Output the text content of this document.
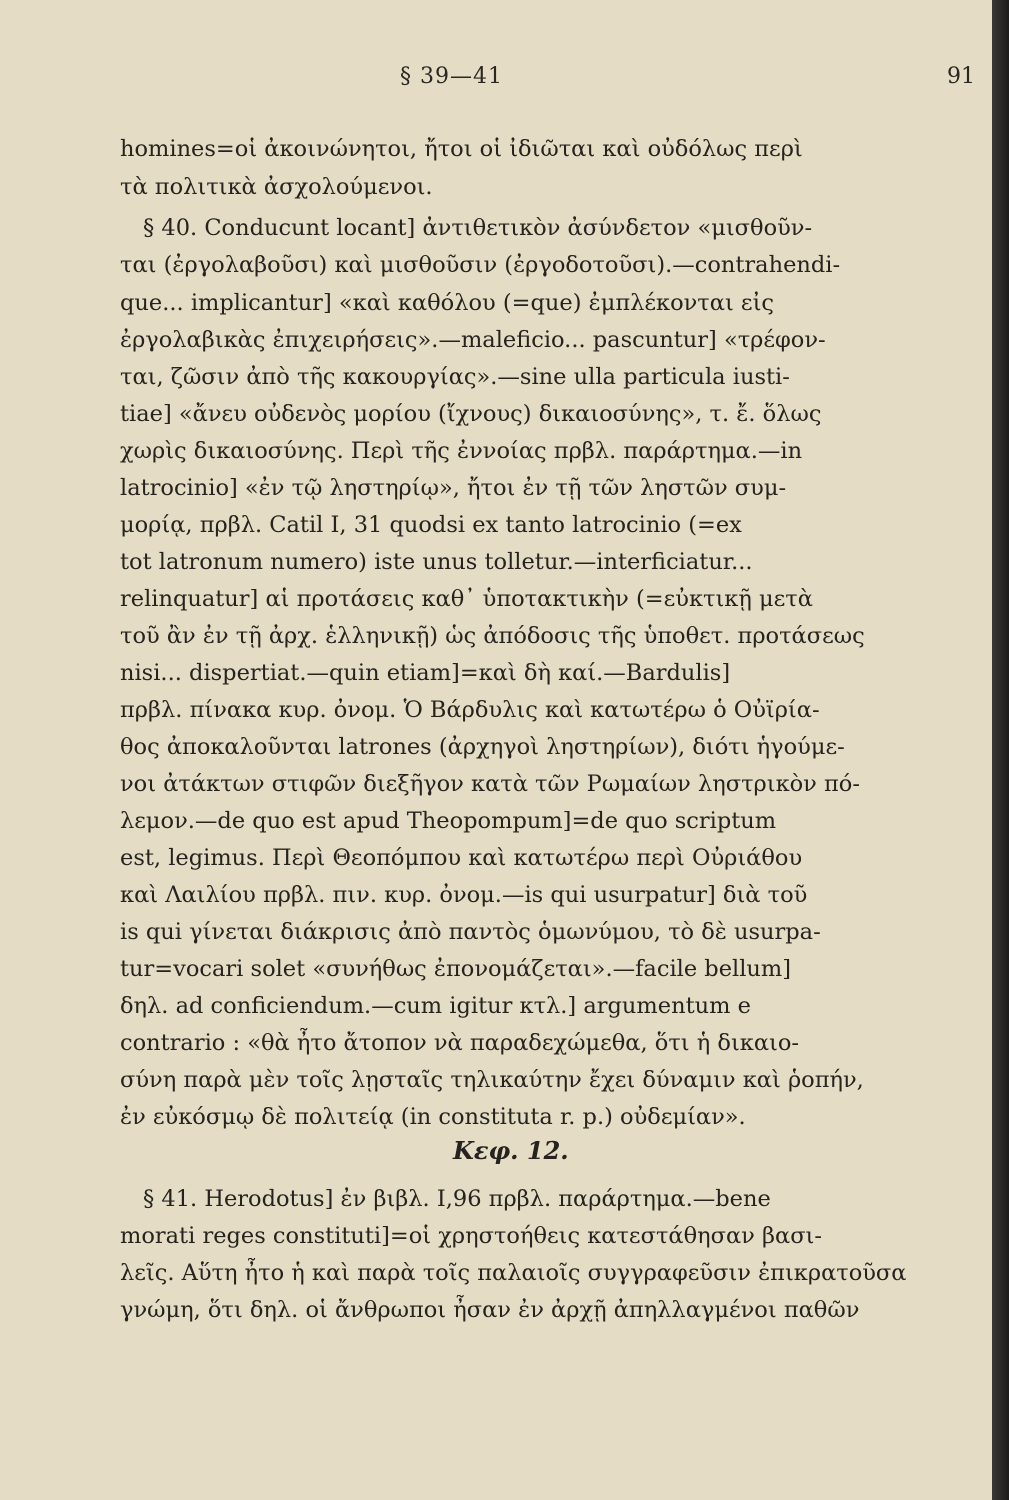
§ 39—41	91
homines=οἱ ἀκοινώνητοι, ἤτοι οἱ ἰδιῶται καὶ οὐδόλως περὶ
τὰ πολιτικὰ ἀσχολούμενοι.
§ 40. Conducunt locant] ἀντιθετικὸν ἀσύνδετον «μισθοῦν-
ται (ἐργολαβοῦσι) καὶ μισθοῦσιν (ἐργοδοτοῦσι).—contrahendi-
que... implicantur] «καὶ καθόλου (=que) ἐμπλέκονται εἰς
ἐργολαβικὰς ἐπιχειρήσεις».—maleficio... pascuntur] «τρέφον-
ται, ζῶσιν ἀπὸ τῆς κακουργίας».—sine ulla particula iusti-
tiae] «ἄνευ οὐδενὸς μορίου (ἴχνους) δικαιοσύνης», τ. ἔ. ὅλως
χωρὶς δικαιοσύνης. Περὶ τῆς ἐννοίας πρβλ. παράρτημα.—in
latrocinio] «ἐν τῷ ληστηρίῳ», ἤτοι ἐν τῇ τῶν ληστῶν συμ-
μορίᾳ, πρβλ. Catil I, 31 quodsi ex tanto latrocinio (=ex
tot latronum numero) iste unus tolletur.—interficiatur...
relinquatur] αἱ προτάσεις καθ᾽ ὑποτακτικὴν (=εὐκτικῇ μετὰ
τοῦ ἂν ἐν τῇ ἀρχ. ἑλληνικῇ) ὡς ἀπόδοσις τῆς ὑποθετ. προτάσεως
nisi... dispertiat.—quin etiam]=καὶ δὴ καί.—Bardulis]
πρβλ. πίνακα κυρ. ὀνομ. Ὁ Βάρδυλις καὶ κατωτέρω ὁ Οὐϊρία-
θος ἀποκαλοῦνται latrones (ἀρχηγοὶ ληστηρίων), διότι ἡγούμε-
νοι ἀτάκτων στιφῶν διεξῆγον κατὰ τῶν Ρωμαίων ληστρικὸν πό-
λεμον.—de quo est apud Theopompum]=de quo scriptum
est, legimus. Περὶ Θεοπόμπου καὶ κατωτέρω περὶ Οὐριάθου
καὶ Λαιλίου πρβλ. πιν. κυρ. ὀνομ.—is qui usurpatur] διὰ τοῦ
is qui γίνεται διάκρισις ἀπὸ παντὸς ὁμωνύμου, τὸ δὲ usurpa-
tur=vocari solet «συνήθως ἐπονομάζεται».—facile bellum]
δηλ. ad conficiendum.—cum igitur κτλ.] argumentum e
contrario : «θὰ ἦτο ἄτοπον νὰ παραδεχώμεθα, ὅτι ἡ δικαιο-
σύνη παρὰ μὲν τοῖς λῃσταῖς τηλικαύτην ἔχει δύναμιν καὶ ῥοπήν,
ἐν εὐκόσμῳ δὲ πολιτείᾳ (in constituta r. p.) οὐδεμίαν».
Κεφ. 12.
§ 41. Herodotus] ἐν βιβλ. I,96 πρβλ. παράρτημα.—bene
morati reges constituti]=οἱ χρηστοήθεις κατεστάθησαν βασι-
λεῖς. Αὕτη ἦτο ἡ καὶ παρὰ τοῖς παλαιοῖς συγγραφεῦσιν ἐπικρατοῦσα
γνώμη, ὅτι δηλ. οἱ ἄνθρωποι ἦσαν ἐν ἀρχῇ ἀπηλλαγμένοι παθῶν
